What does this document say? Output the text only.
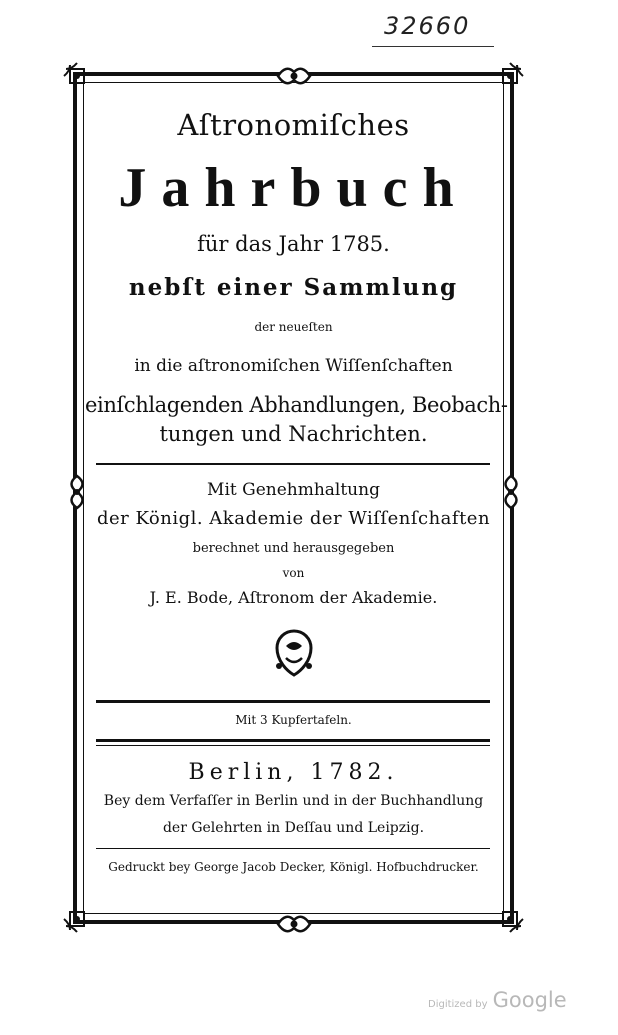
32660
Aſtronomiſches
Jahrbuch
für das Jahr 1785.
nebſt einer Sammlung
der neueſten
in die aſtronomiſchen Wiſſenſchaften
einſchlagenden Abhandlungen, Beobach-
tungen und Nachrichten.
Mit Genehmhaltung
der Königl. Akademie der Wiſſenſchaften
berechnet und herausgegeben
von
J. E. Bode, Aſtronom der Akademie.
Mit 3 Kupfertafeln.
Berlin, 1782.
Bey dem Verfaſſer in Berlin und in der Buchhandlung
der Gelehrten in Deſſau und Leipzig.
Gedruckt bey George Jacob Decker, Königl. Hofbuchdrucker.
Digitized by Google
